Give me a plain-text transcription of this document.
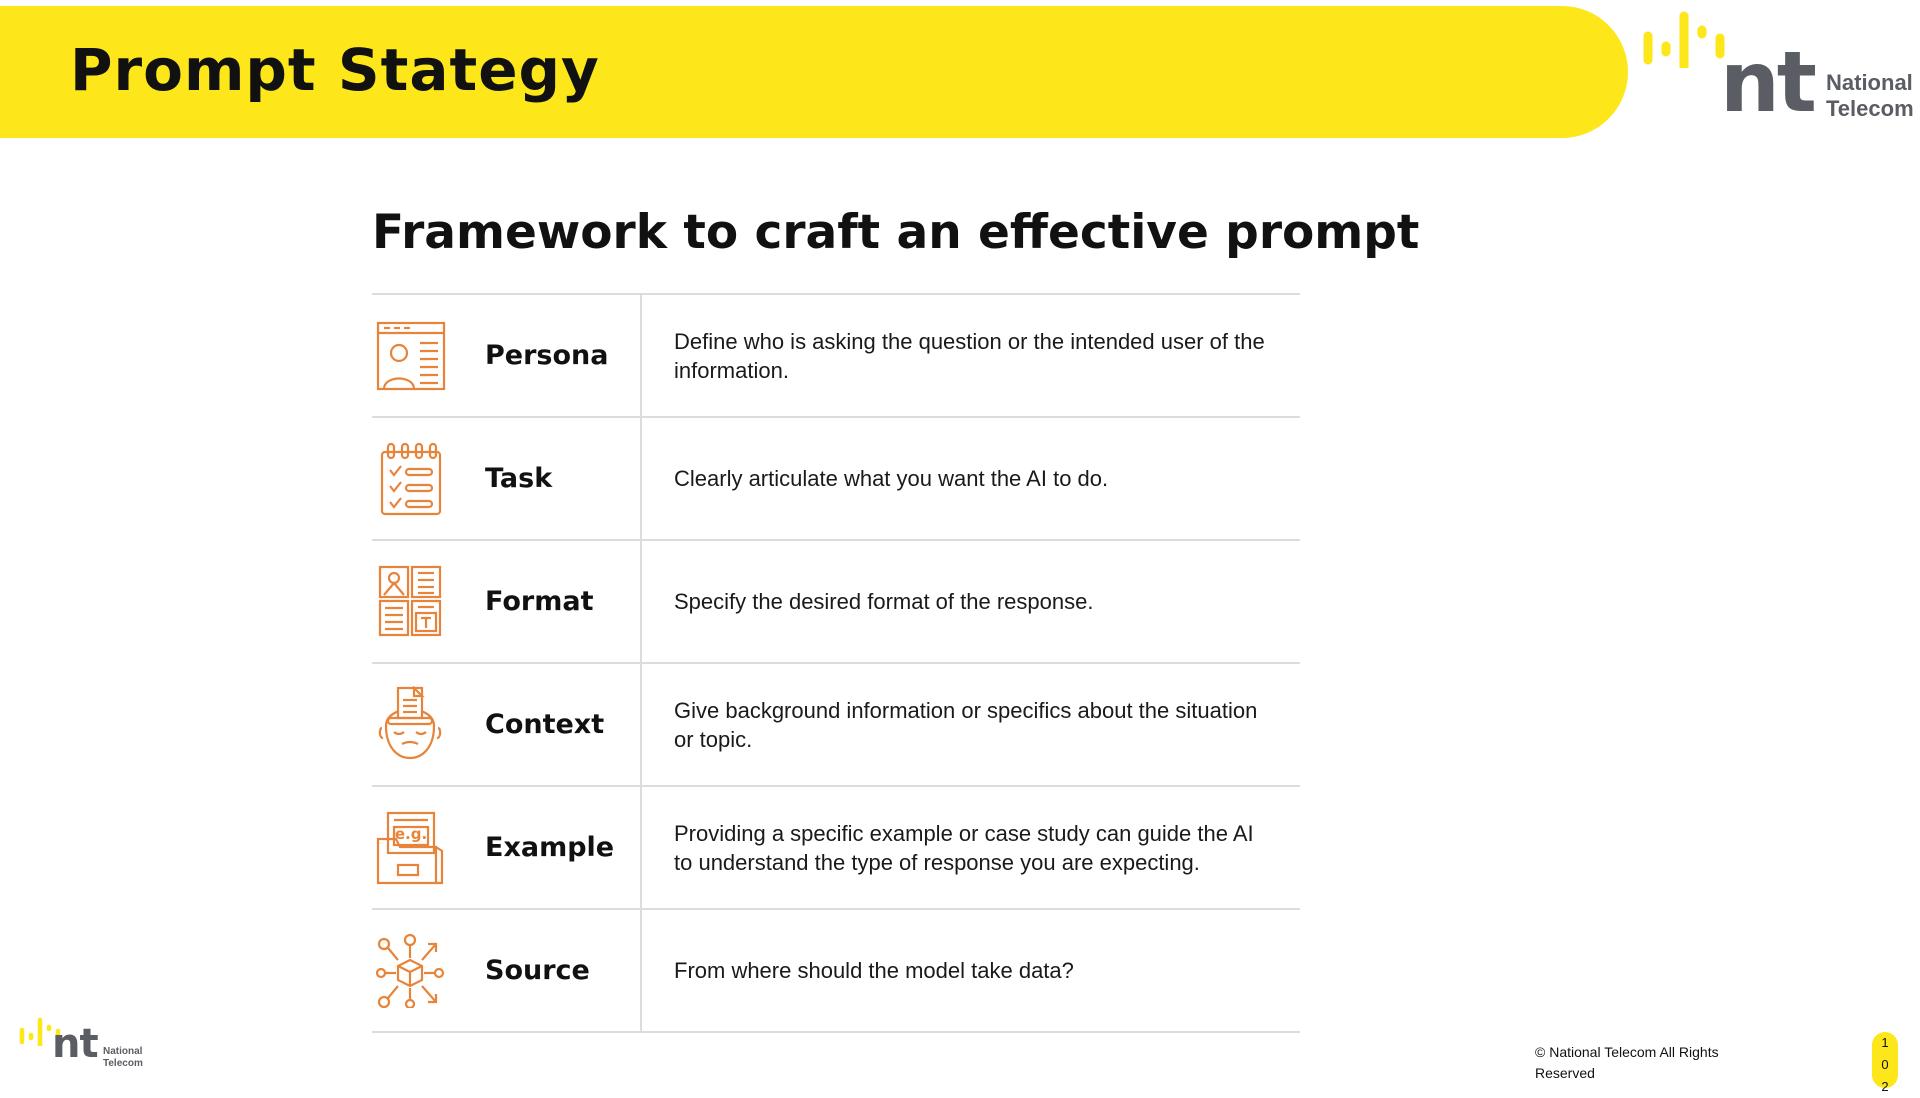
Prompt Stategy	nt National
Telecom
Framework to craft an effective prompt
Persona	Define who is asking the question or the intended user of the information.
Task	Clearly articulate what you want the AI to do.
Format	Specify the desired format of the response.
Context	Give background information or specifics about the situation or topic.
e.g. Example	Providing a specific example or case study can guide the AI to understand the type of response you are expecting.
Source	From where should the model take data?
nt National
Telecom
© National Telecom All Rights Reserved
1
0
2
